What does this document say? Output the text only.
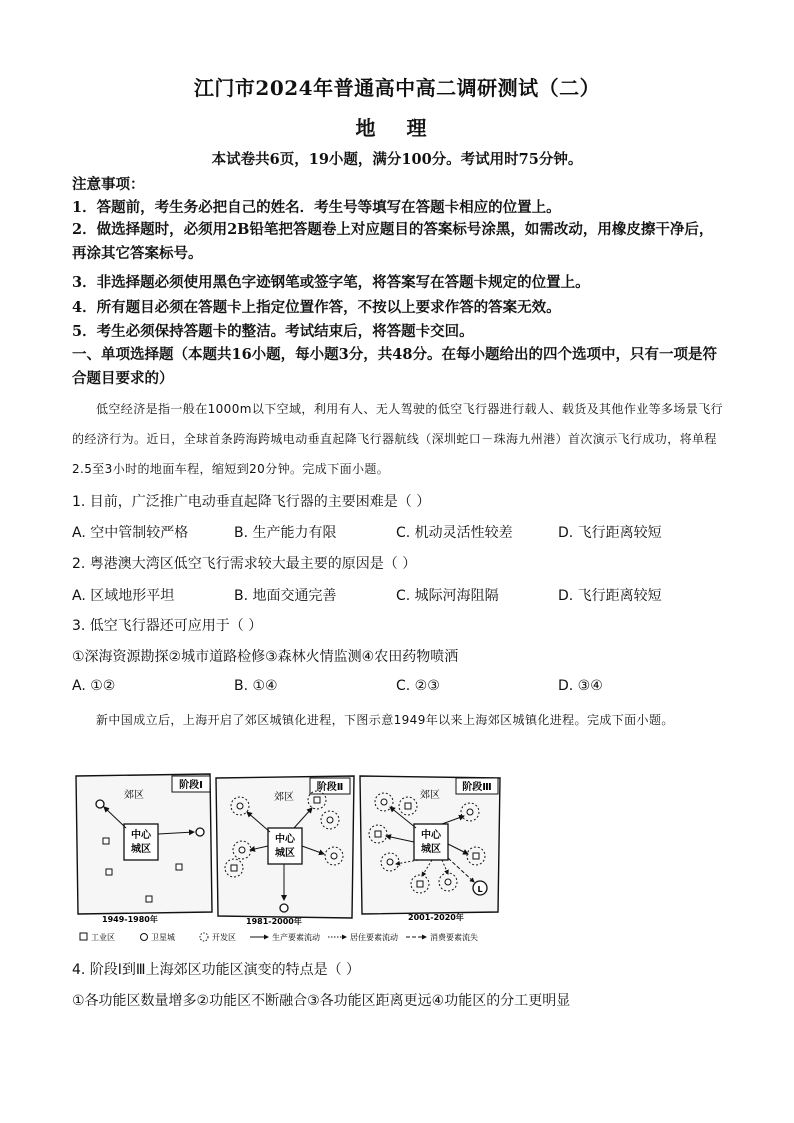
江门市2024年普通高中高二调研测试（二）
地 理
本试卷共6页，19小题，满分100分。考试用时75分钟。
注意事项：
1．答题前，考生务必把自己的姓名．考生号等填写在答题卡相应的位置上。
2．做选择题时，必须用2B铅笔把答题卷上对应题目的答案标号涂黑，如需改动，用橡皮擦干净后，再涂其它答案标号。
3．非选择题必须使用黑色字迹钢笔或签字笔，将答案写在答题卡规定的位置上。
4．所有题目必须在答题卡上指定位置作答，不按以上要求作答的答案无效。
5．考生必须保持答题卡的整洁。考试结束后，将答题卡交回。
一、单项选择题（本题共16小题，每小题3分，共48分。在每小题给出的四个选项中，只有一项是符合题目要求的）
低空经济是指一般在1000m以下空域，利用有人、无人驾驶的低空飞行器进行载人、载货及其他作业等多场景飞行的经济行为。近日，全球首条跨海跨城电动垂直起降飞行器航线（深圳蛇口－珠海九州港）首次演示飞行成功，将单程2.5至3小时的地面车程，缩短到20分钟。完成下面小题。
1. 目前，广泛推广电动垂直起降飞行器的主要困难是（ ）
A. 空中管制较严格	B. 生产能力有限	C. 机动灵活性较差	D. 飞行距离较短
2. 粤港澳大湾区低空飞行需求较大最主要的原因是（ ）
A. 区域地形平坦	B. 地面交通完善	C. 城际河海阻隔	D. 飞行距离较短
3. 低空飞行器还可应用于（ ）
①深海资源勘探②城市道路检修③森林火情监测④农田药物喷洒
A. ①②	B. ①④	C. ②③	D. ③④
新中国成立后，上海开启了郊区城镇化进程，下图示意1949年以来上海郊区城镇化进程。完成下面小题。
阶段Ⅰ
郊区
中心
城区
1949-1980年
阶段Ⅱ
郊区
中心
城区
1981-2000年
阶段Ⅲ
郊区
中心
城区
L
2001-2020年
工业区	卫星城	开发区	生产要素流动	居住要素流动	消费要素流失
4. 阶段Ⅰ到Ⅲ上海郊区功能区演变的特点是（ ）
①各功能区数量增多②功能区不断融合③各功能区距离更远④功能区的分工更明显
